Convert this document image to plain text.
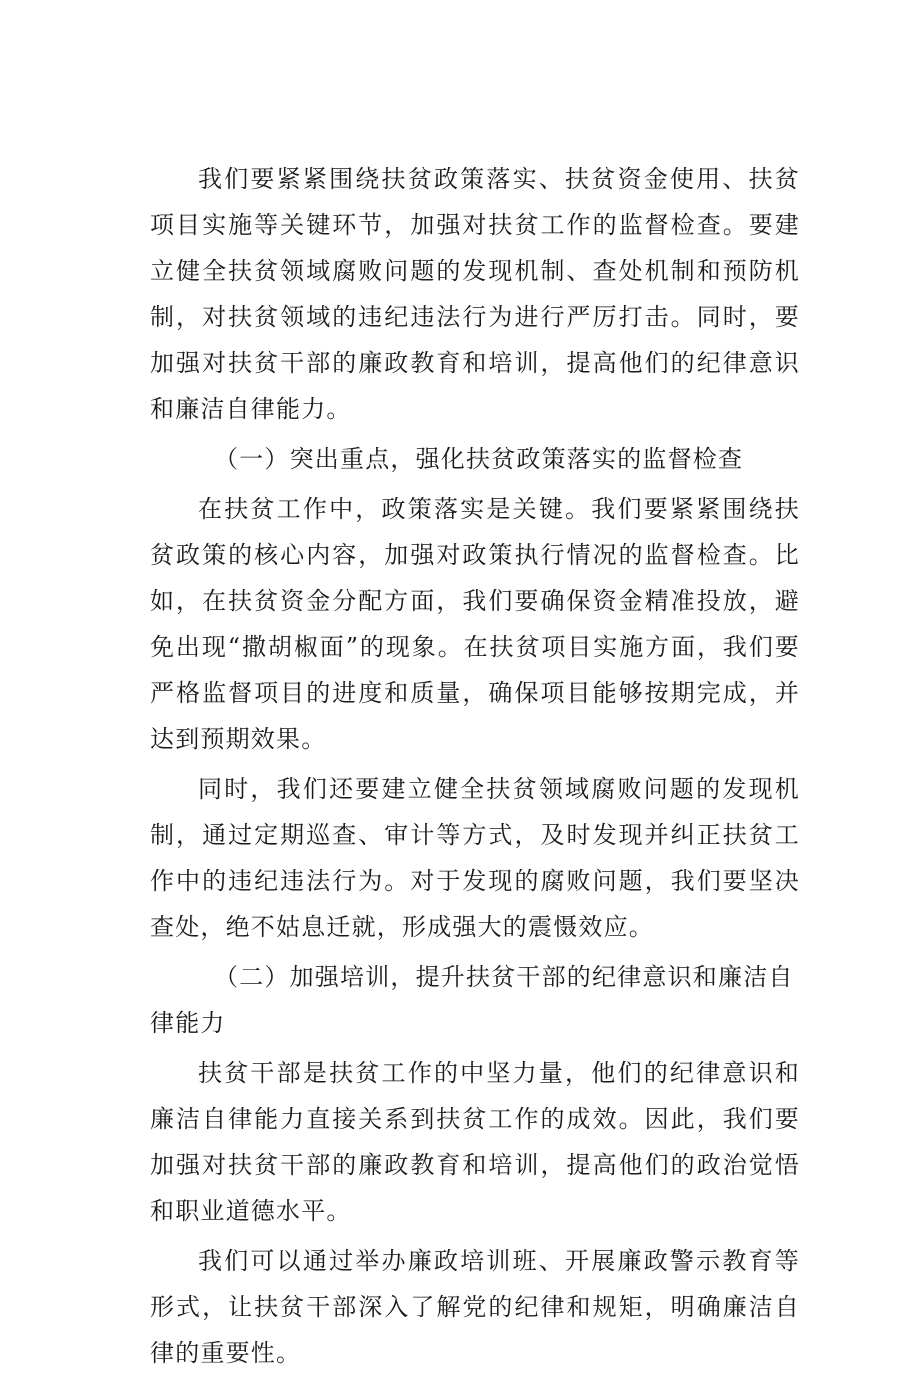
我们要紧紧围绕扶贫政策落实、扶贫资金使用、扶贫项目实施等关键环节，加强对扶贫工作的监督检查。要建立健全扶贫领域腐败问题的发现机制、查处机制和预防机制，对扶贫领域的违纪违法行为进行严厉打击。同时，要加强对扶贫干部的廉政教育和培训，提高他们的纪律意识和廉洁自律能力。

（一）突出重点，强化扶贫政策落实的监督检查

在扶贫工作中，政策落实是关键。我们要紧紧围绕扶贫政策的核心内容，加强对政策执行情况的监督检查。比如，在扶贫资金分配方面，我们要确保资金精准投放，避免出现“撒胡椒面”的现象。在扶贫项目实施方面，我们要严格监督项目的进度和质量，确保项目能够按期完成，并达到预期效果。

同时，我们还要建立健全扶贫领域腐败问题的发现机制，通过定期巡查、审计等方式，及时发现并纠正扶贫工作中的违纪违法行为。对于发现的腐败问题，我们要坚决查处，绝不姑息迁就，形成强大的震慑效应。

（二）加强培训，提升扶贫干部的纪律意识和廉洁自律能力

扶贫干部是扶贫工作的中坚力量，他们的纪律意识和廉洁自律能力直接关系到扶贫工作的成效。因此，我们要加强对扶贫干部的廉政教育和培训，提高他们的政治觉悟和职业道德水平。

我们可以通过举办廉政培训班、开展廉政警示教育等形式，让扶贫干部深入了解党的纪律和规矩，明确廉洁自律的重要性。
